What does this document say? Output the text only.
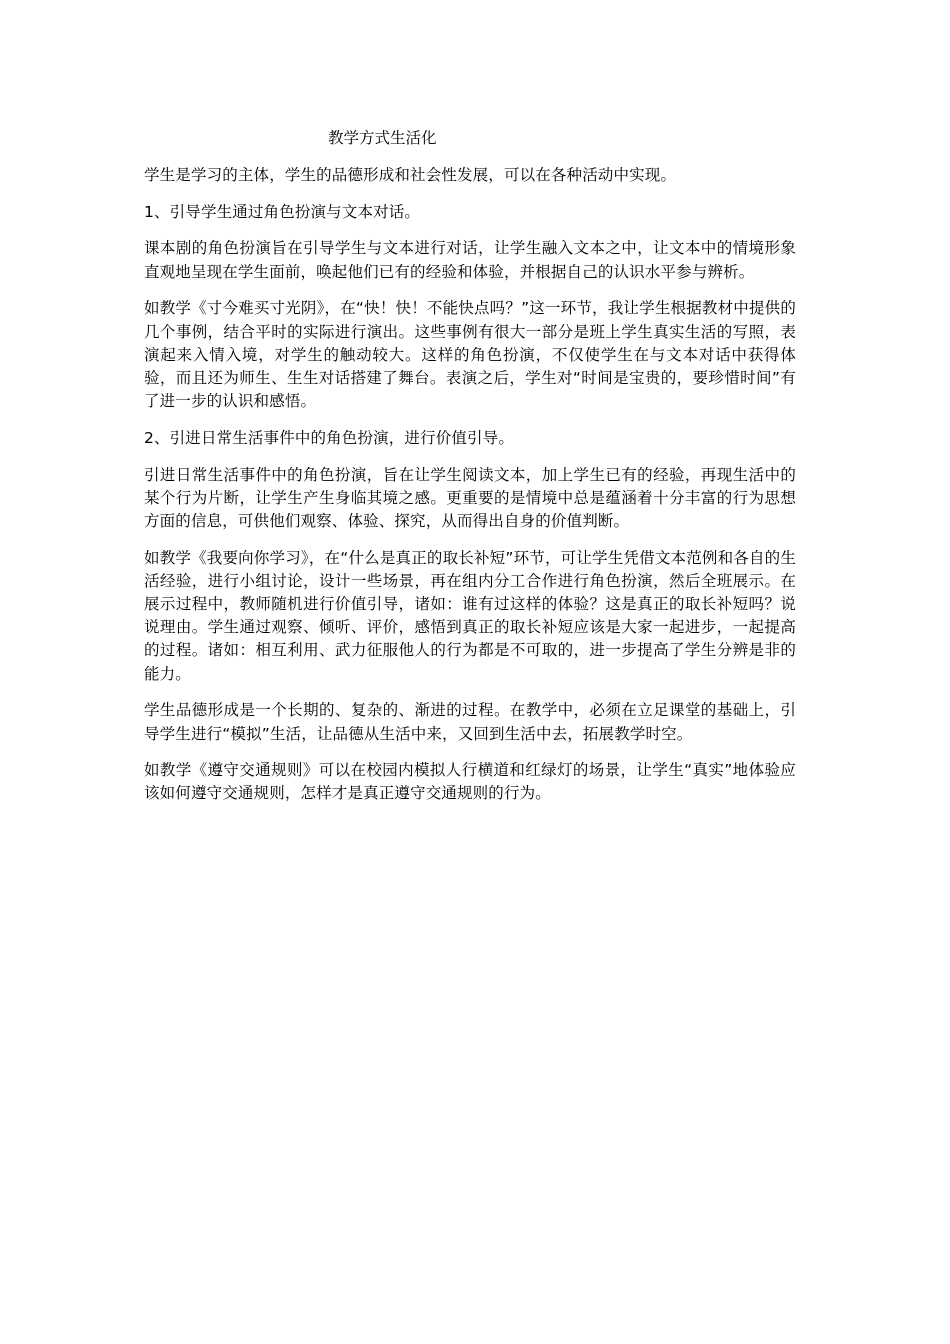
教学方式生活化

学生是学习的主体，学生的品德形成和社会性发展，可以在各种活动中实现。

1、引导学生通过角色扮演与文本对话。

课本剧的角色扮演旨在引导学生与文本进行对话，让学生融入文本之中，让文本中的情境形象直观地呈现在学生面前，唤起他们已有的经验和体验，并根据自己的认识水平参与辨析。

如教学《寸今难买寸光阴》，在“快！快！不能快点吗？”这一环节，我让学生根据教材中提供的几个事例，结合平时的实际进行演出。这些事例有很大一部分是班上学生真实生活的写照，表演起来入情入境，对学生的触动较大。这样的角色扮演，不仅使学生在与文本对话中获得体验，而且还为师生、生生对话搭建了舞台。表演之后，学生对“时间是宝贵的，要珍惜时间”有了进一步的认识和感悟。

2、引进日常生活事件中的角色扮演，进行价值引导。

引进日常生活事件中的角色扮演，旨在让学生阅读文本，加上学生已有的经验，再现生活中的某个行为片断，让学生产生身临其境之感。更重要的是情境中总是蕴涵着十分丰富的行为思想方面的信息，可供他们观察、体验、探究，从而得出自身的价值判断。

如教学《我要向你学习》，在“什么是真正的取长补短”环节，可让学生凭借文本范例和各自的生活经验，进行小组讨论，设计一些场景，再在组内分工合作进行角色扮演，然后全班展示。在展示过程中，教师随机进行价值引导，诸如：谁有过这样的体验？这是真正的取长补短吗？说说理由。学生通过观察、倾听、评价，感悟到真正的取长补短应该是大家一起进步，一起提高的过程。诸如：相互利用、武力征服他人的行为都是不可取的，进一步提高了学生分辨是非的能力。

学生品德形成是一个长期的、复杂的、渐进的过程。在教学中，必须在立足课堂的基础上，引导学生进行“模拟”生活，让品德从生活中来，又回到生活中去，拓展教学时空。

如教学《遵守交通规则》可以在校园内模拟人行横道和红绿灯的场景，让学生“真实”地体验应该如何遵守交通规则，怎样才是真正遵守交通规则的行为。
